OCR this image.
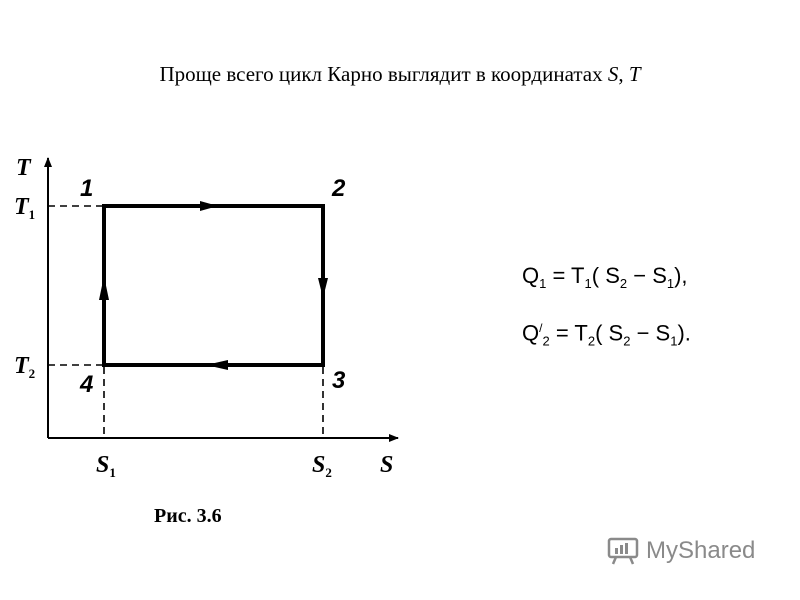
Проще всего цикл Карно выглядит в координатах S, T
T
S
$T_1$
$T_2$
$S_1$	$S_2$
1	2
3
4
Рис. 3.6
$Q_1 = T_1$( $S_2 - S_1$),
$Q^/_2 = T_2$( $S_2 - S_1$).
MyShared
